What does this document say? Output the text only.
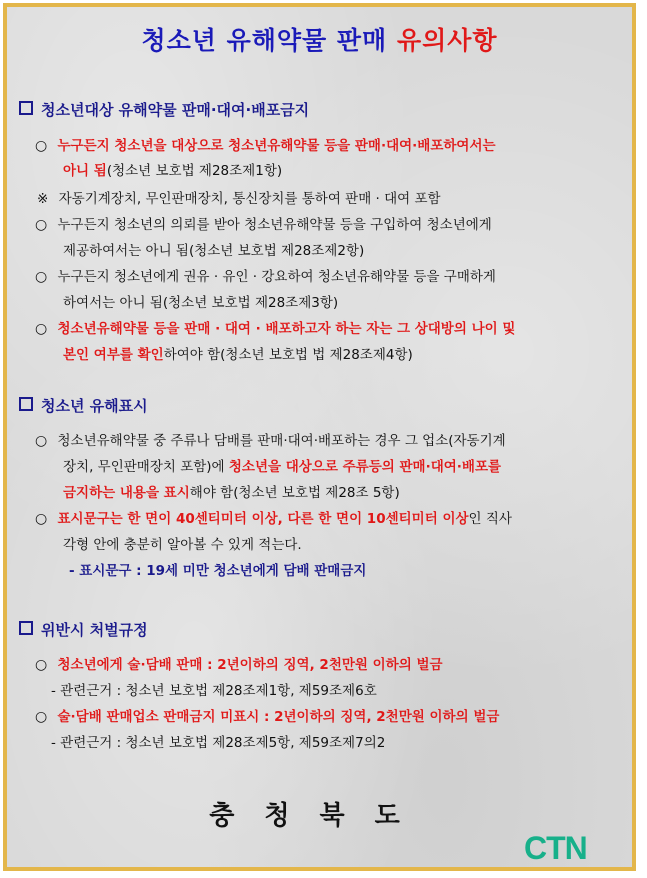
청소년 유해약물 판매 유의사항
청소년대상 유해약물 판매·대여·배포금지
○ 누구든지 청소년을 대상으로 청소년유해약물 등을 판매·대여·배포하여서는
아니 됨(청소년 보호법 제28조제1항)
※ 자동기계장치, 무인판매장치, 통신장치를 통하여 판매 · 대여 포함
○ 누구든지 청소년의 의뢰를 받아 청소년유해약물 등을 구입하여 청소년에게
제공하여서는 아니 됨(청소년 보호법 제28조제2항)
○ 누구든지 청소년에게 권유 · 유인 · 강요하여 청소년유해약물 등을 구매하게
하여서는 아니 됨(청소년 보호법 제28조제3항)
○ 청소년유해약물 등을 판매 · 대여 · 배포하고자 하는 자는 그 상대방의 나이 및
본인 여부를 확인하여야 함(청소년 보호법 법 제28조제4항)
청소년 유해표시
○ 청소년유해약물 중 주류나 담배를 판매·대여·배포하는 경우 그 업소(자동기계
장치, 무인판매장치 포함)에 청소년을 대상으로 주류등의 판매·대여·배포를
금지하는 내용을 표시해야 함(청소년 보호법 제28조 5항)
○ 표시문구는 한 면이 40센티미터 이상, 다른 한 면이 10센티미터 이상인 직사
각형 안에 충분히 알아볼 수 있게 적는다.
- 표시문구 : 19세 미만 청소년에게 담배 판매금지
위반시 처벌규정
○ 청소년에게 술·담배 판매 : 2년이하의 징역, 2천만원 이하의 벌금
- 관련근거 : 청소년 보호법 제28조제1항, 제59조제6호
○ 술·담배 판매업소 판매금지 미표시 : 2년이하의 징역, 2천만원 이하의 벌금
- 관련근거 : 청소년 보호법 제28조제5항, 제59조제7의2
충청북도
CTN
